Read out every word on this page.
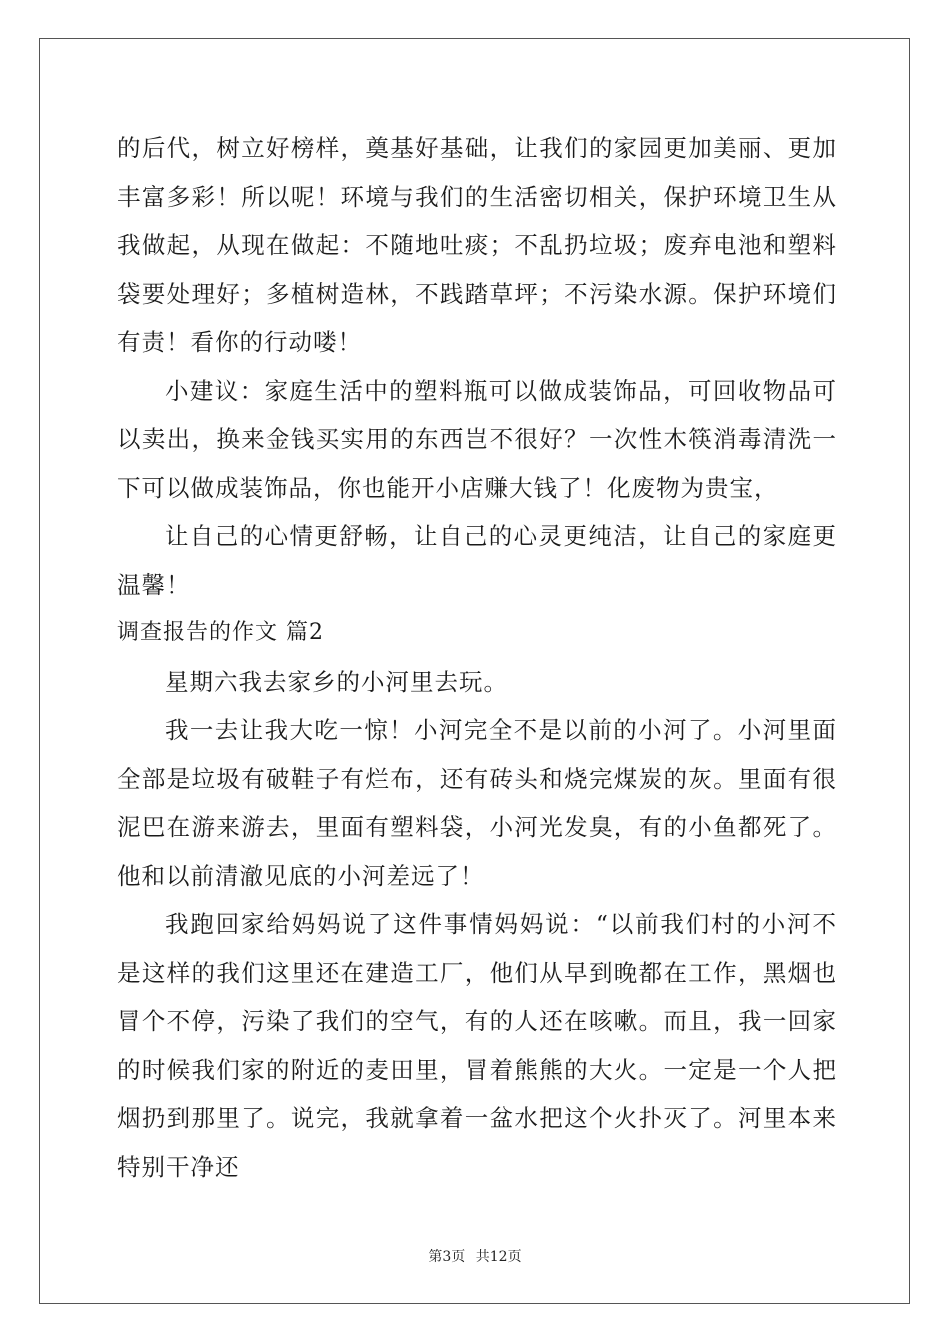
的后代，树立好榜样，奠基好基础，让我们的家园更加美丽、更加丰富多彩！所以呢！环境与我们的生活密切相关，保护环境卫生从我做起，从现在做起：不随地吐痰；不乱扔垃圾；废弃电池和塑料袋要处理好；多植树造林，不践踏草坪；不污染水源。保护环境们有责！看你的行动喽！

小建议：家庭生活中的塑料瓶可以做成装饰品，可回收物品可以卖出，换来金钱买实用的东西岂不很好？一次性木筷消毒清洗一下可以做成装饰品，你也能开小店赚大钱了！化废物为贵宝，

让自己的心情更舒畅，让自己的心灵更纯洁，让自己的家庭更温馨！

调查报告的作文 篇2

星期六我去家乡的小河里去玩。

我一去让我大吃一惊！小河完全不是以前的小河了。小河里面全部是垃圾有破鞋子有烂布，还有砖头和烧完煤炭的灰。里面有很泥巴在游来游去，里面有塑料袋，小河光发臭，有的小鱼都死了。他和以前清澈见底的小河差远了！

我跑回家给妈妈说了这件事情妈妈说：“以前我们村的小河不是这样的我们这里还在建造工厂，他们从早到晚都在工作，黑烟也冒个不停，污染了我们的空气，有的人还在咳嗽。而且，我一回家的时候我们家的附近的麦田里，冒着熊熊的大火。一定是一个人把烟扔到那里了。说完，我就拿着一盆水把这个火扑灭了。河里本来特别干净还

第3页 共12页
